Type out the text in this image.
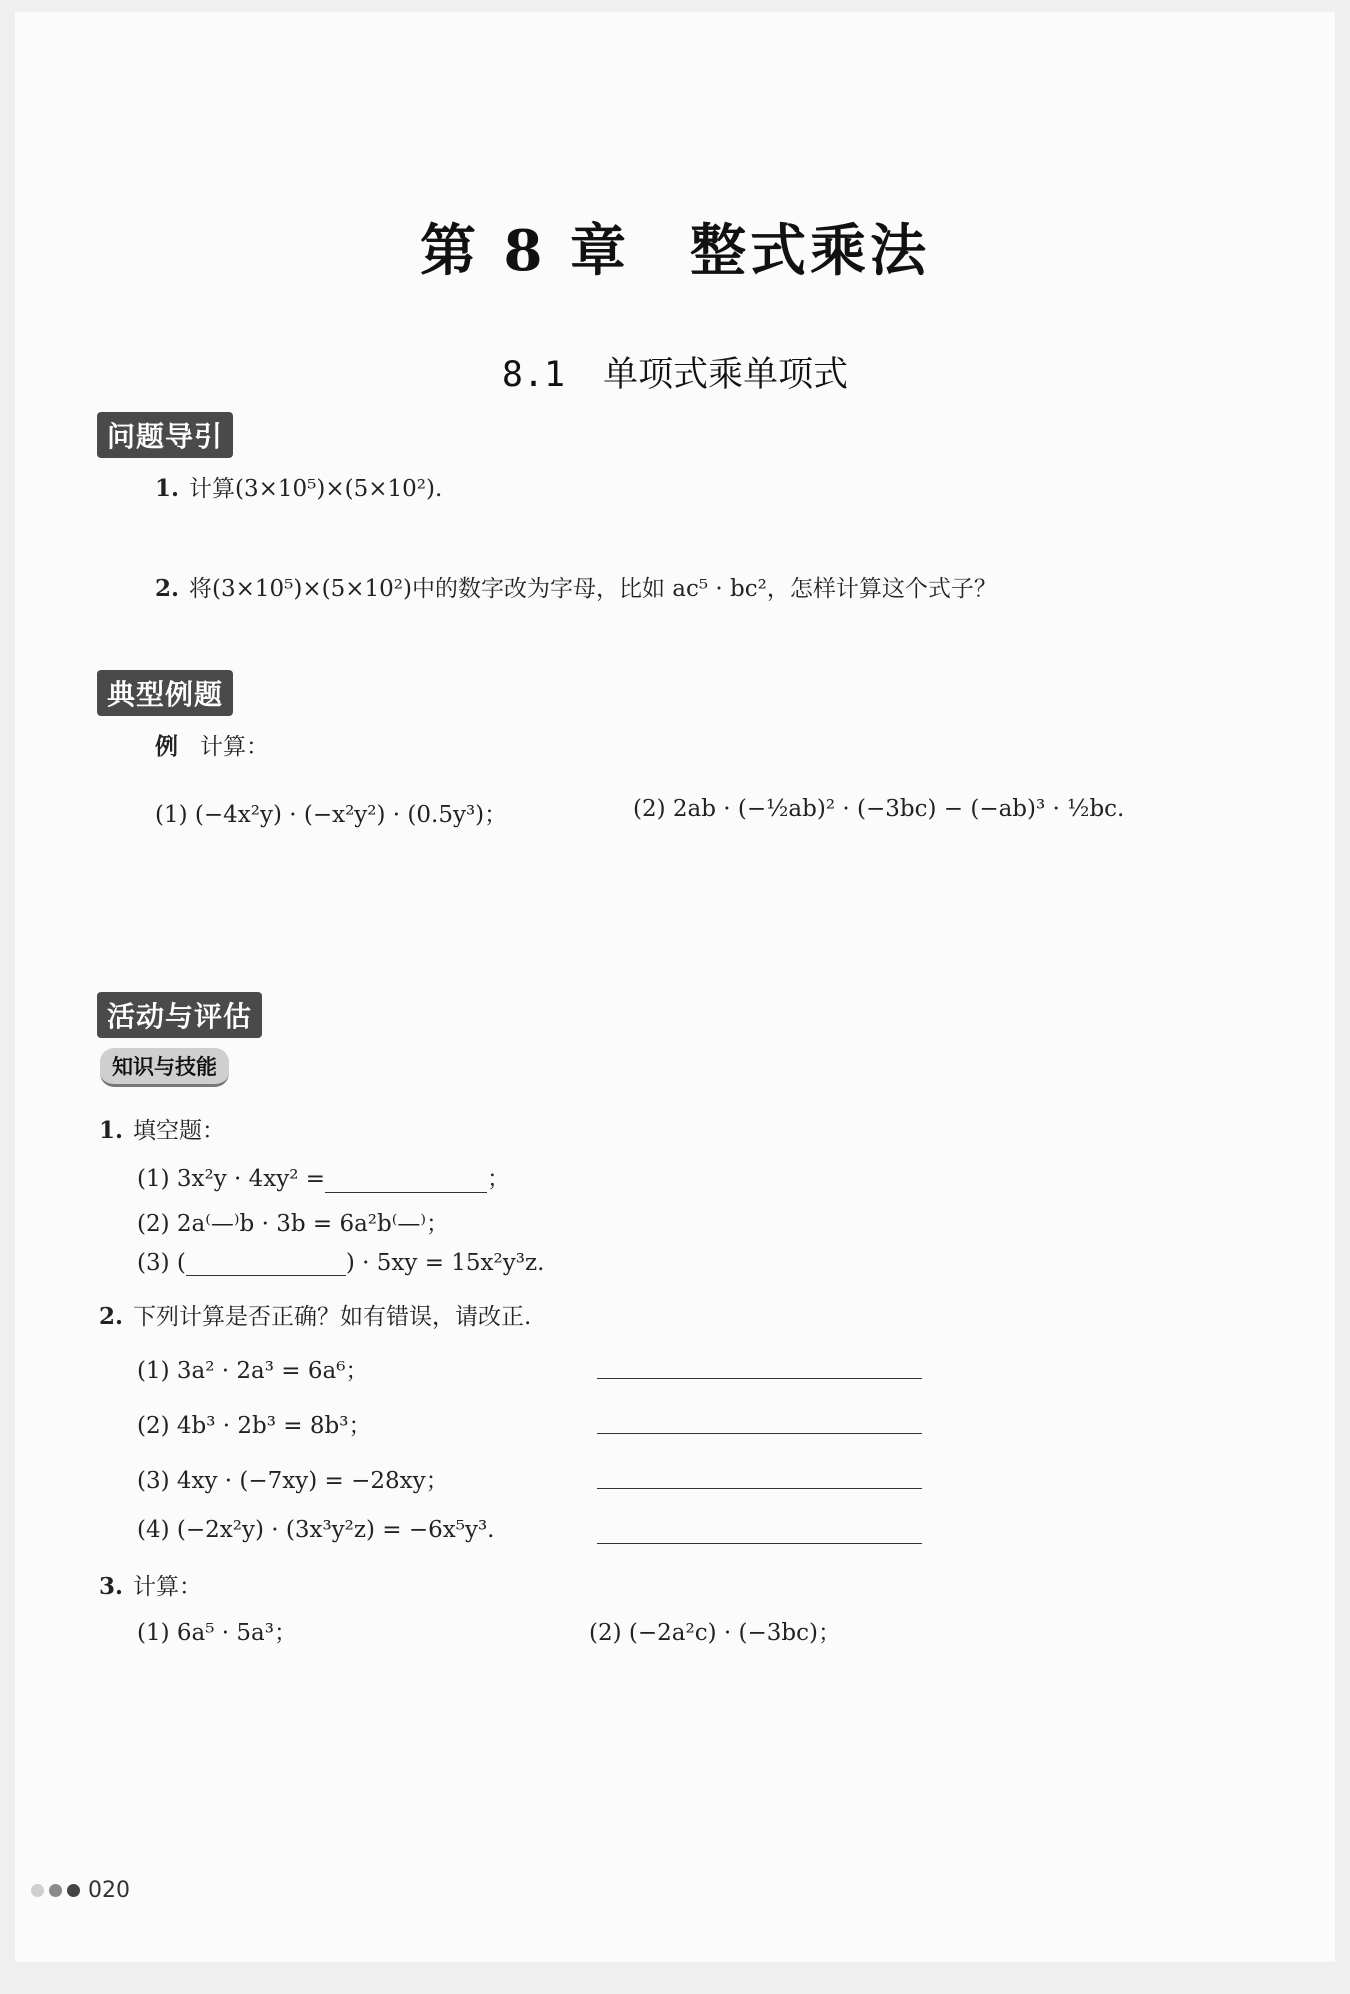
第 8 章 整式乘法
8.1 单项式乘单项式
问题导引
1. 计算(3×10⁵)×(5×10²).
2. 将(3×10⁵)×(5×10²)中的数字改为字母，比如 ac⁵ · bc²，怎样计算这个式子？
典型例题
例 计算：
(1) (−4x²y) · (−x²y²) · (0.5y³)；	(2) 2ab · (−½ab)² · (−3bc) − (−ab)³ · ½bc.
活动与评估
知识与技能
1. 填空题：
(1) 3x²y · 4xy² =	；
(2) 2a⁽—⁾b · 3b = 6a²b⁽—⁾；
(3) (	) · 5xy = 15x²y³z.
2. 下列计算是否正确？如有错误，请改正.
(1) 3a² · 2a³ = 6a⁶；
(2) 4b³ · 2b³ = 8b³；
(3) 4xy · (−7xy) = −28xy；
(4) (−2x²y) · (3x³y²z) = −6x⁵y³.
3. 计算：
(1) 6a⁵ · 5a³；	(2) (−2a²c) · (−3bc)；
020
